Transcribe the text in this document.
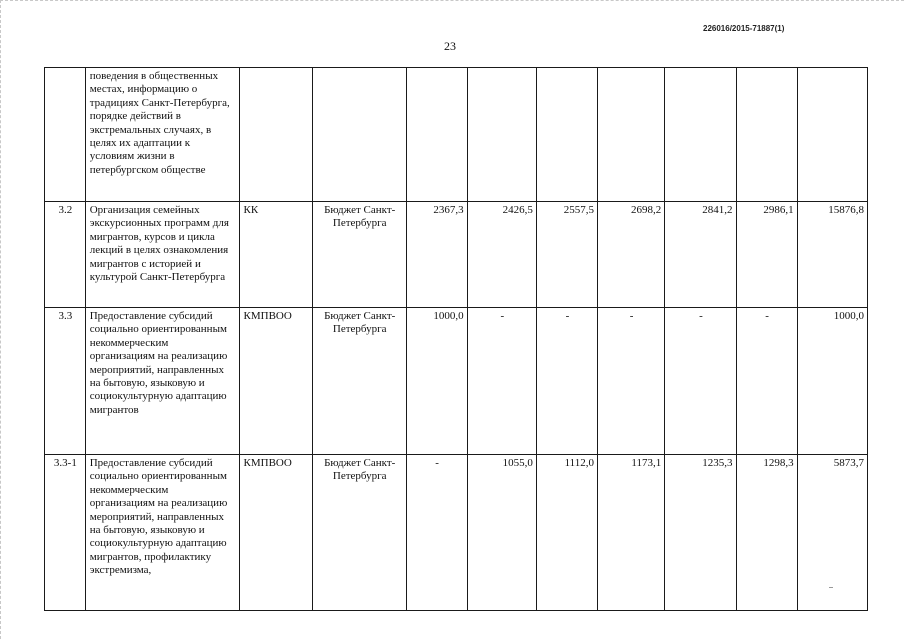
226016/2015-71887(1)
23
	поведения в общественных местах, информацию о традициях Санкт-Петербурга, порядке действий в экстремальных случаях, в целях их адаптации к условиям жизни в петербургском обществе									
3.2	Организация семейных экскурсионных программ для мигрантов, курсов и цикла лекций в целях ознакомления мигрантов с историей и культурой Санкт-Петербурга	КК	Бюджет Санкт-Петербурга	2367,3	2426,5	2557,5	2698,2	2841,2	2986,1	15876,8
3.3	Предоставление субсидий социально ориентированным некоммерческим организациям на реализацию мероприятий, направленных на бытовую, языковую и социокультурную адаптацию мигрантов	КМПВОО	Бюджет Санкт-Петербурга	1000,0	-	-	-	-	-	1000,0
3.3-1	Предоставление субсидий социально ориентированным некоммерческим организациям на реализацию мероприятий, направленных на бытовую, языковую и социокультурную адаптацию мигрантов, профилактику экстремизма,	КМПВОО	Бюджет Санкт-Петербурга	-	1055,0	1112,0	1173,1	1235,3	1298,3	5873,7
